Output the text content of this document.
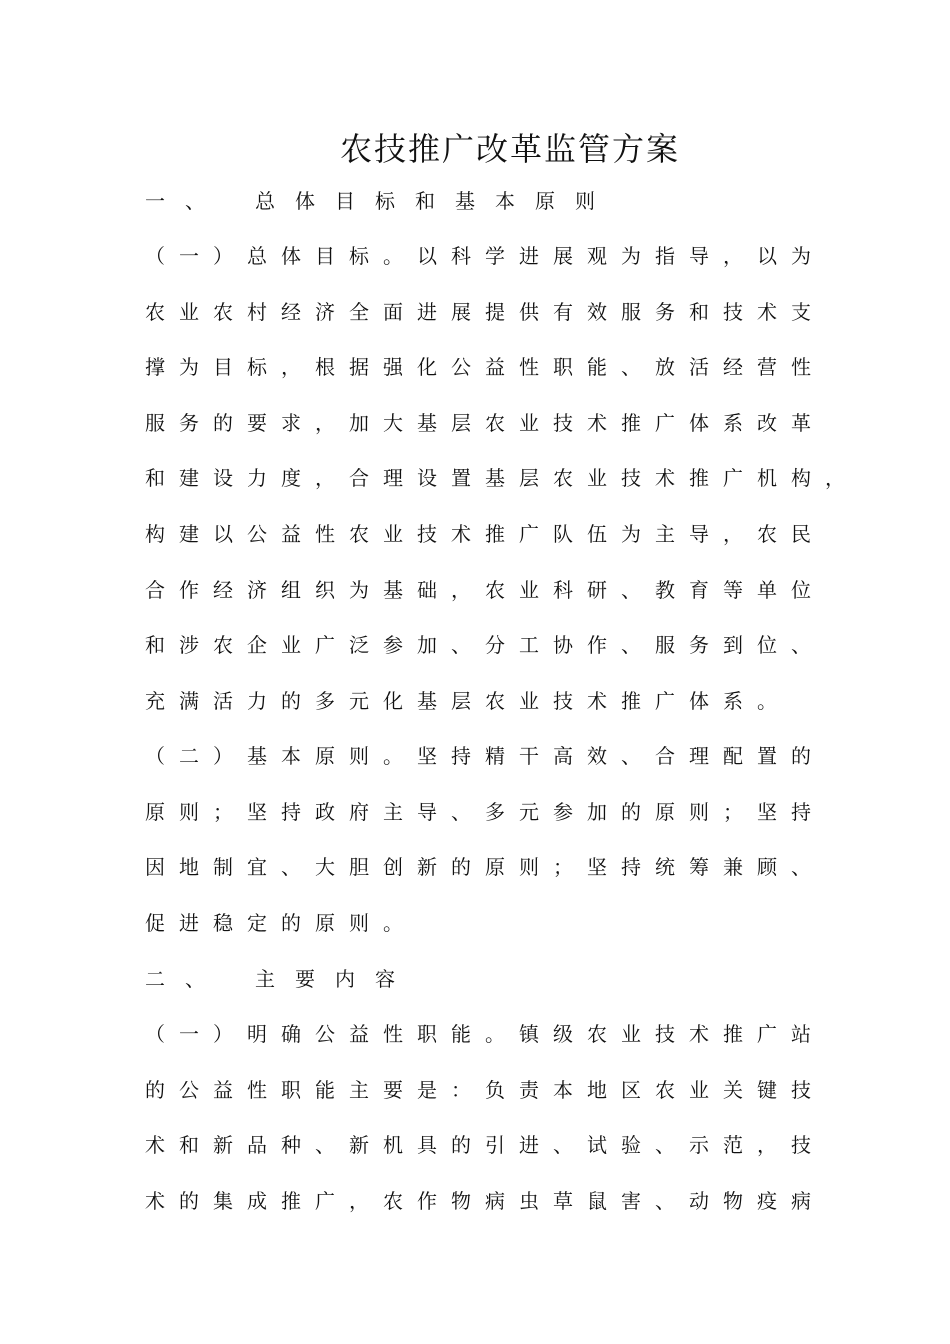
农技推广改革监管方案

一、　总体目标和基本原则

（一）总体目标。以科学进展观为指导，以为

农业农村经济全面进展提供有效服务和技术支

撑为目标，根据强化公益性职能、放活经营性

服务的要求，加大基层农业技术推广体系改革

和建设力度，合理设置基层农业技术推广机构，

构建以公益性农业技术推广队伍为主导，农民

合作经济组织为基础，农业科研、教育等单位

和涉农企业广泛参加、分工协作、服务到位、

充满活力的多元化基层农业技术推广体系。

（二）基本原则。坚持精干高效、合理配置的

原则；坚持政府主导、多元参加的原则；坚持

因地制宜、大胆创新的原则；坚持统筹兼顾、

促进稳定的原则。

二、　主要内容

（一）明确公益性职能。镇级农业技术推广站

的公益性职能主要是：负责本地区农业关键技

术和新品种、新机具的引进、试验、示范，技

术的集成推广，农作物病虫草鼠害、动物疫病
